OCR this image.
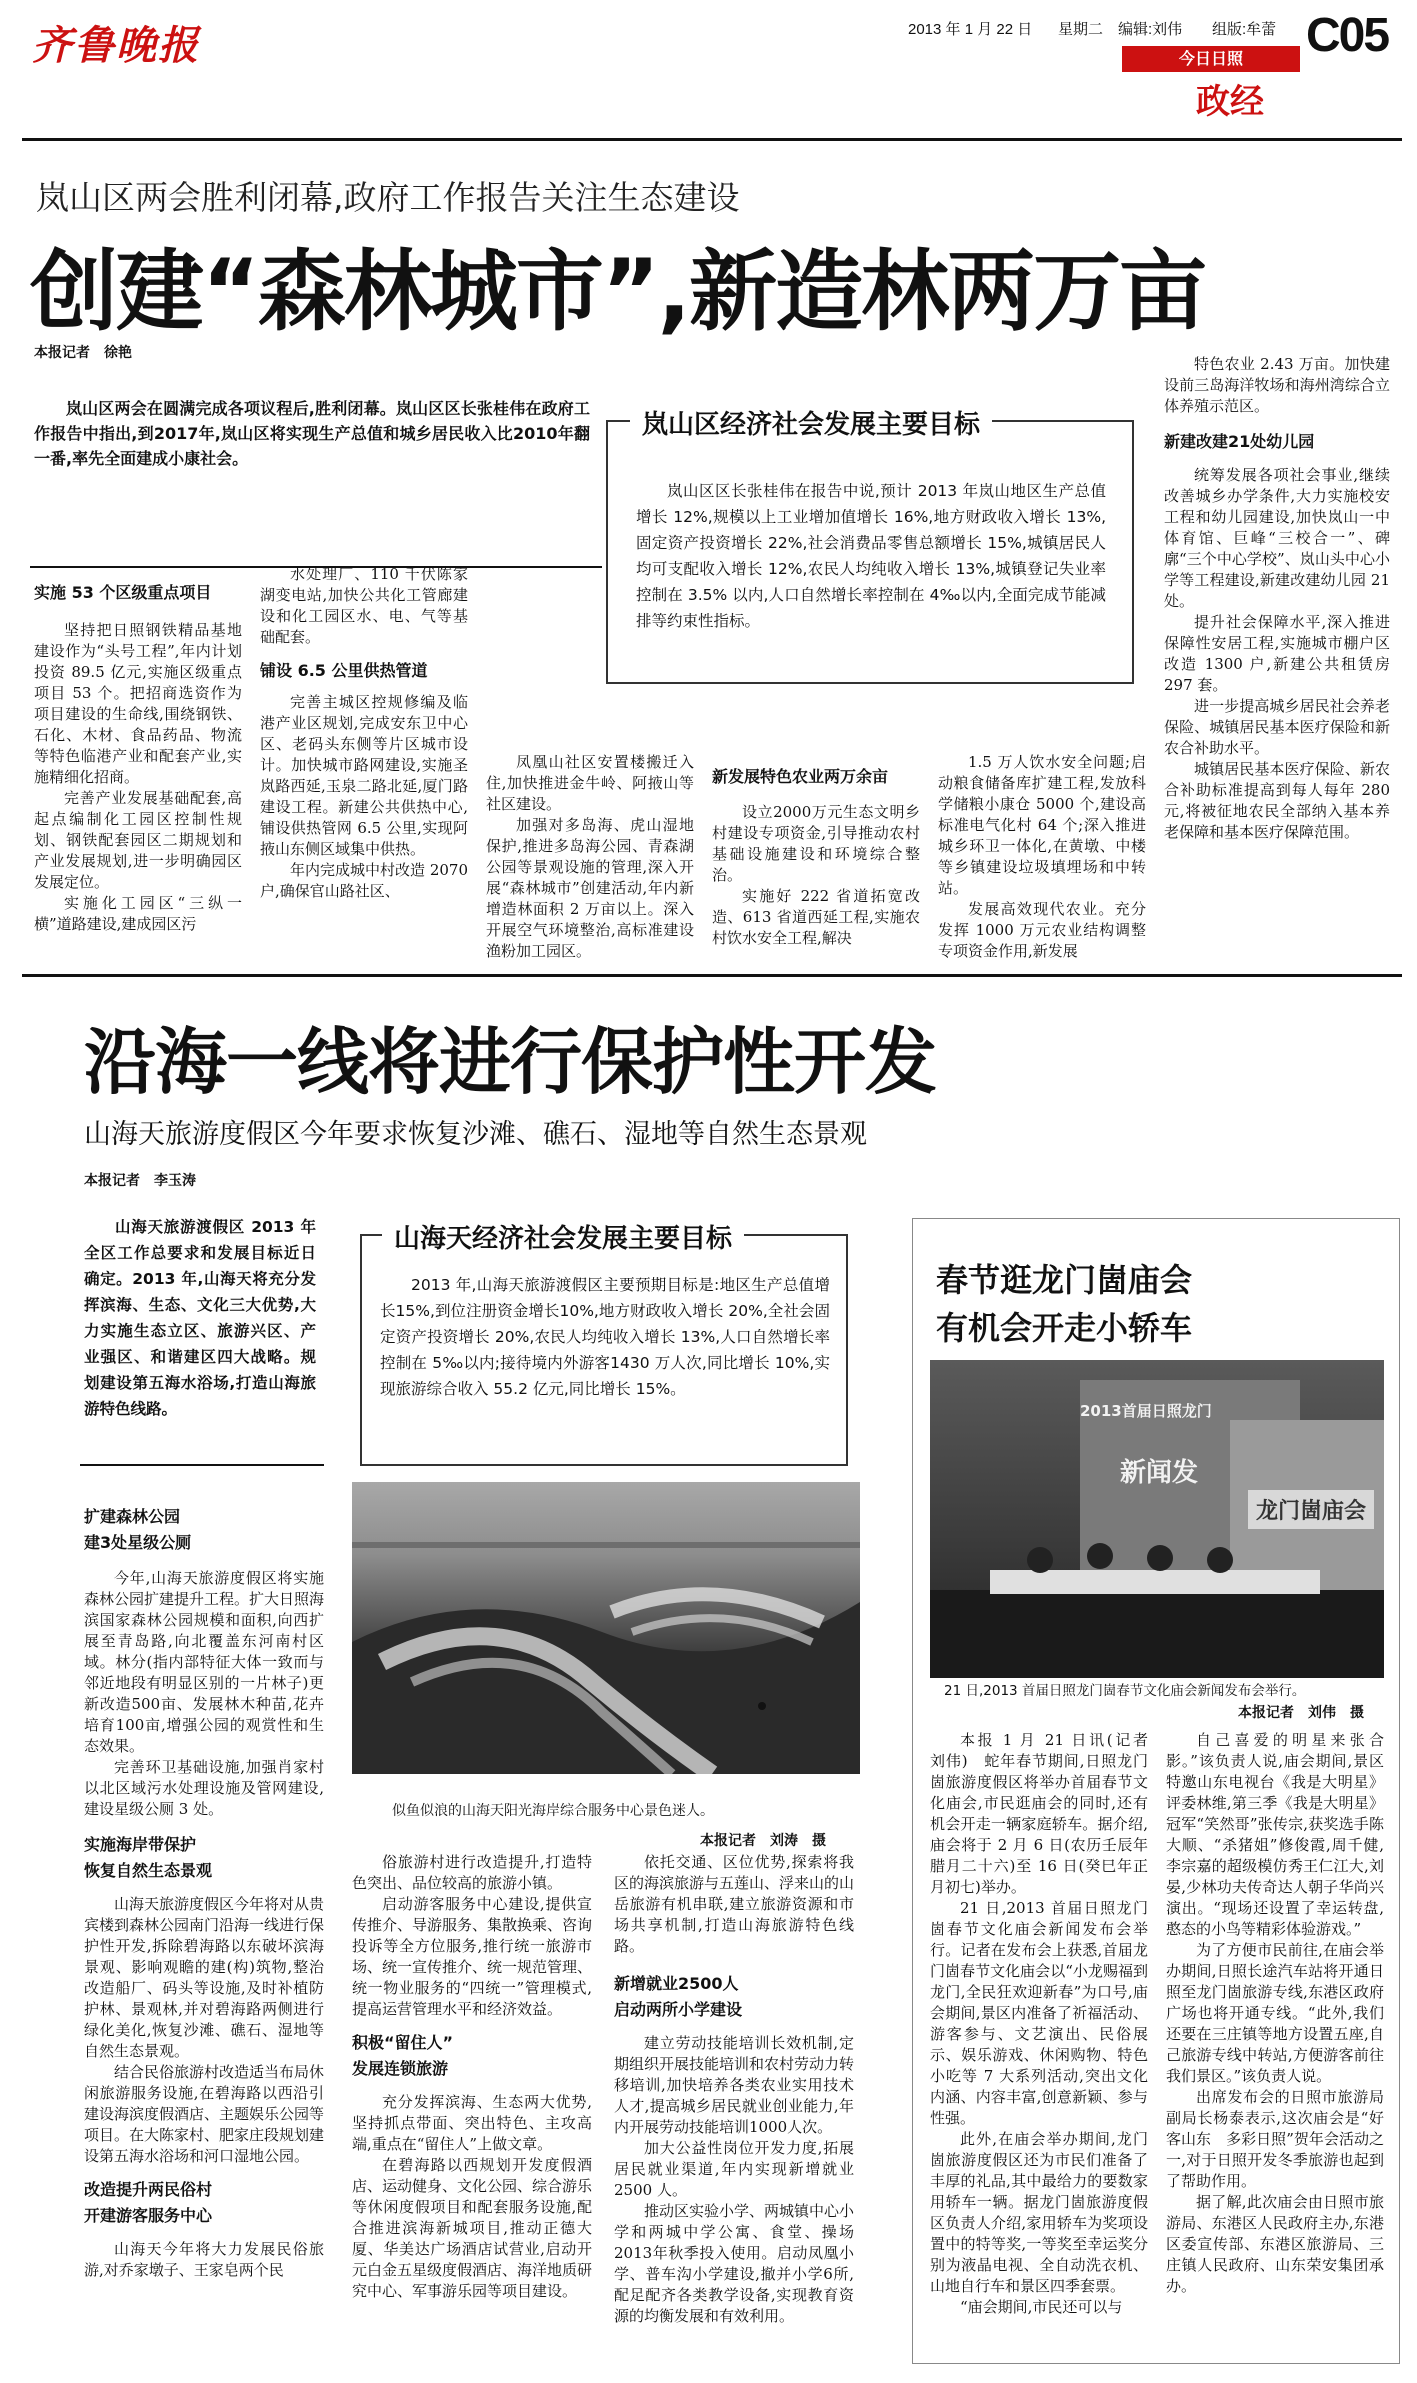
齐鲁晚报	2013 年 1 月 22 日 星期二 编辑:刘伟 组版:牟蕾 C05
今日日照
政经
岚山区两会胜利闭幕,政府工作报告关注生态建设
创建“森林城市”,新造林两万亩
本报记者　徐艳

岚山区两会在圆满完成各项议程后,胜利闭幕。岚山区区长张桂伟在政府工作报告中指出,到2017年,岚山区将实现生产总值和城乡居民收入比2010年翻一番,率先全面建成小康社会。

岚山区经济社会发展主要目标

岚山区区长张桂伟在报告中说,预计 2013 年岚山地区生产总值增长 12%,规模以上工业增加值增长 16%,地方财政收入增长 13%,固定资产投资增长 22%,社会消费品零售总额增长 15%,城镇居民人均可支配收入增长 12%,农民人均纯收入增长 13%,城镇登记失业率控制在 3.5% 以内,人口自然增长率控制在 4‰以内,全面完成节能减排等约束性指标。

实施 53 个区级重点项目

坚持把日照钢铁精品基地建设作为“头号工程”,年内计划投资 89.5 亿元,实施区级重点项目 53 个。把招商选资作为项目建设的生命线,围绕钢铁、石化、木材、食品药品、物流等特色临港产业和配套产业,实施精细化招商。

完善产业发展基础配套,高起点编制化工园区控制性规划、钢铁配套园区二期规划和产业发展规划,进一步明确园区发展定位。

实施化工园区“三纵一横”道路建设,建成园区污

水处理厂、110 千伏陈家湖变电站,加快公共化工管廊建设和化工园区水、电、气等基础配套。

铺设 6.5 公里供热管道

完善主城区控规修编及临港产业区规划,完成安东卫中心区、老码头东侧等片区城市设计。加快城市路网建设,实施圣岚路西延,玉泉二路北延,厦门路建设工程。新建公共供热中心,铺设供热管网 6.5 公里,实现阿掖山东侧区域集中供热。

年内完成城中村改造 2070 户,确保官山路社区、

凤凰山社区安置楼搬迁入住,加快推进金牛岭、阿掖山等社区建设。

加强对多岛海、虎山湿地保护,推进多岛海公园、青森湖公园等景观设施的管理,深入开展“森林城市”创建活动,年内新增造林面积 2 万亩以上。深入开展空气环境整治,高标准建设渔粉加工园区。

新发展特色农业两万余亩

设立2000万元生态文明乡村建设专项资金,引导推动农村基础设施建设和环境综合整治。

实施好 222 省道拓宽改造、613 省道西延工程,实施农村饮水安全工程,解决

1.5 万人饮水安全问题;启动粮食储备库扩建工程,发放科学储粮小康仓 5000 个,建设高标准电气化村 64 个;深入推进城乡环卫一体化,在黄墩、中楼等乡镇建设垃圾填埋场和中转站。

发展高效现代农业。充分发挥 1000 万元农业结构调整专项资金作用,新发展

特色农业 2.43 万亩。加快建设前三岛海洋牧场和海州湾综合立体养殖示范区。

新建改建21处幼儿园

统筹发展各项社会事业,继续改善城乡办学条件,大力实施校安工程和幼儿园建设,加快岚山一中体育馆、巨峰“三校合一”、碑廓“三个中心学校”、岚山头中心小学等工程建设,新建改建幼儿园 21 处。

提升社会保障水平,深入推进保障性安居工程,实施城市棚户区改造 1300 户,新建公共租赁房 297 套。

进一步提高城乡居民社会养老保险、城镇居民基本医疗保险和新农合补助水平。

城镇居民基本医疗保险、新农合补助标准提高到每人每年 280 元,将被征地农民全部纳入基本养老保障和基本医疗保障范围。

沿海一线将进行保护性开发
山海天旅游度假区今年要求恢复沙滩、礁石、湿地等自然生态景观
本报记者　李玉涛

山海天旅游渡假区 2013 年全区工作总要求和发展目标近日确定。2013 年,山海天将充分发挥滨海、生态、文化三大优势,大力实施生态立区、旅游兴区、产业强区、和谐建区四大战略。规划建设第五海水浴场,打造山海旅游特色线路。

山海天经济社会发展主要目标

2013 年,山海天旅游渡假区主要预期目标是:地区生产总值增长15%,到位注册资金增长10%,地方财政收入增长 20%,全社会固定资产投资增长 20%,农民人均纯收入增长 13%,人口自然增长率控制在 5‰以内;接待境内外游客1430 万人次,同比增长 10%,实现旅游综合收入 55.2 亿元,同比增长 15%。

似鱼似浪的山海天阳光海岸综合服务中心景色迷人。
本报记者　刘涛　摄
扩建森林公园
建3处星级公厕

今年,山海天旅游度假区将实施森林公园扩建提升工程。扩大日照海滨国家森林公园规模和面积,向西扩展至青岛路,向北覆盖东河南村区域。林分(指内部特征大体一致而与邻近地段有明显区别的一片林子)更新改造500亩、发展林木种苗,花卉培育100亩,增强公园的观赏性和生态效果。

完善环卫基础设施,加强肖家村以北区域污水处理设施及管网建设,建设星级公厕 3 处。

实施海岸带保护
恢复自然生态景观

山海天旅游度假区今年将对从贵宾楼到森林公园南门沿海一线进行保护性开发,拆除碧海路以东破坏滨海景观、影响观瞻的建(构)筑物,整治改造船厂、码头等设施,及时补植防护林、景观林,并对碧海路两侧进行绿化美化,恢复沙滩、礁石、湿地等自然生态景观。

结合民俗旅游村改造适当布局休闲旅游服务设施,在碧海路以西沿引建设海滨度假酒店、主题娱乐公园等项目。在大陈家村、肥家庄段规划建设第五海水浴场和河口湿地公园。

改造提升两民俗村
开建游客服务中心

山海天今年将大力发展民俗旅游,对乔家墩子、王家皂两个民

俗旅游村进行改造提升,打造特色突出、品位较高的旅游小镇。

启动游客服务中心建设,提供宣传推介、导游服务、集散换乘、咨询投诉等全方位服务,推行统一旅游市场、统一宣传推介、统一规范管理、统一物业服务的“四统一”管理模式,提高运营管理水平和经济效益。

积极“留住人”
发展连锁旅游

充分发挥滨海、生态两大优势,坚持抓点带面、突出特色、主攻高端,重点在“留住人”上做文章。

在碧海路以西规划开发度假酒店、运动健身、文化公园、综合游乐等休闲度假项目和配套服务设施,配合推进滨海新城项目,推动正德大厦、华美达广场酒店试营业,启动开元白金五星级度假酒店、海洋地质研究中心、军事游乐园等项目建设。

依托交通、区位优势,探索将我区的海滨旅游与五莲山、浮来山的山岳旅游有机串联,建立旅游资源和市场共享机制,打造山海旅游特色线路。

新增就业2500人
启动两所小学建设

建立劳动技能培训长效机制,定期组织开展技能培训和农村劳动力转移培训,加快培养各类农业实用技术人才,提高城乡居民就业创业能力,年内开展劳动技能培训1000人次。

加大公益性岗位开发力度,拓展居民就业渠道,年内实现新增就业 2500 人。

推动区实验小学、两城镇中心小学和两城中学公寓、食堂、操场2013年秋季投入使用。启动凤凰小学、普车沟小学建设,撤并小学6所,配足配齐各类教学设备,实现教育资源的均衡发展和有效利用。

春节逛龙门崮庙会
有机会开走小轿车
2013首届日照龙门
新闻发
龙门崮庙会
21 日,2013 首届日照龙门崮春节文化庙会新闻发布会举行。
本报记者　刘伟　摄

本报 1 月 21 日讯(记者　刘伟)　蛇年春节期间,日照龙门崮旅游度假区将举办首届春节文化庙会,市民逛庙会的同时,还有机会开走一辆家庭轿车。据介绍,庙会将于 2 月 6 日(农历壬辰年腊月二十六)至 16 日(癸巳年正月初七)举办。

21 日,2013 首届日照龙门崮春节文化庙会新闻发布会举行。记者在发布会上获悉,首届龙门崮春节文化庙会以“小龙赐福到龙门,全民狂欢迎新春”为口号,庙会期间,景区内准备了祈福活动、游客参与、文艺演出、民俗展示、娱乐游戏、休闲购物、特色小吃等 7 大系列活动,突出文化内涵、内容丰富,创意新颖、参与性强。

此外,在庙会举办期间,龙门崮旅游度假区还为市民们准备了丰厚的礼品,其中最给力的要数家用轿车一辆。据龙门崮旅游度假区负责人介绍,家用轿车为奖项设置中的特等奖,一等奖至幸运奖分别为液晶电视、全自动洗衣机、山地自行车和景区四季套票。

“庙会期间,市民还可以与

自己喜爱的明星来张合影。”该负责人说,庙会期间,景区特邀山东电视台《我是大明星》评委林维,第三季《我是大明星》冠军“笑然哥”张传宗,获奖选手陈大顺、“杀猪姐”修俊霞,周千健,李宗嘉的超级模仿秀王仁江大,刘晏,少林功夫传奇达人朝子华尚兴演出。“现场还设置了幸运转盘,憨态的小鸟等精彩体验游戏。”

为了方便市民前往,在庙会举办期间,日照长途汽车站将开通日照至龙门崮旅游专线,东港区政府广场也将开通专线。“此外,我们还要在三庄镇等地方设置五座,自己旅游专线中转站,方便游客前往我们景区。”该负责人说。

出席发布会的日照市旅游局副局长杨泰表示,这次庙会是“好客山东　多彩日照”贺年会活动之一,对于日照开发冬季旅游也起到了帮助作用。

据了解,此次庙会由日照市旅游局、东港区人民政府主办,东港区委宣传部、东港区旅游局、三庄镇人民政府、山东荣安集团承办。
